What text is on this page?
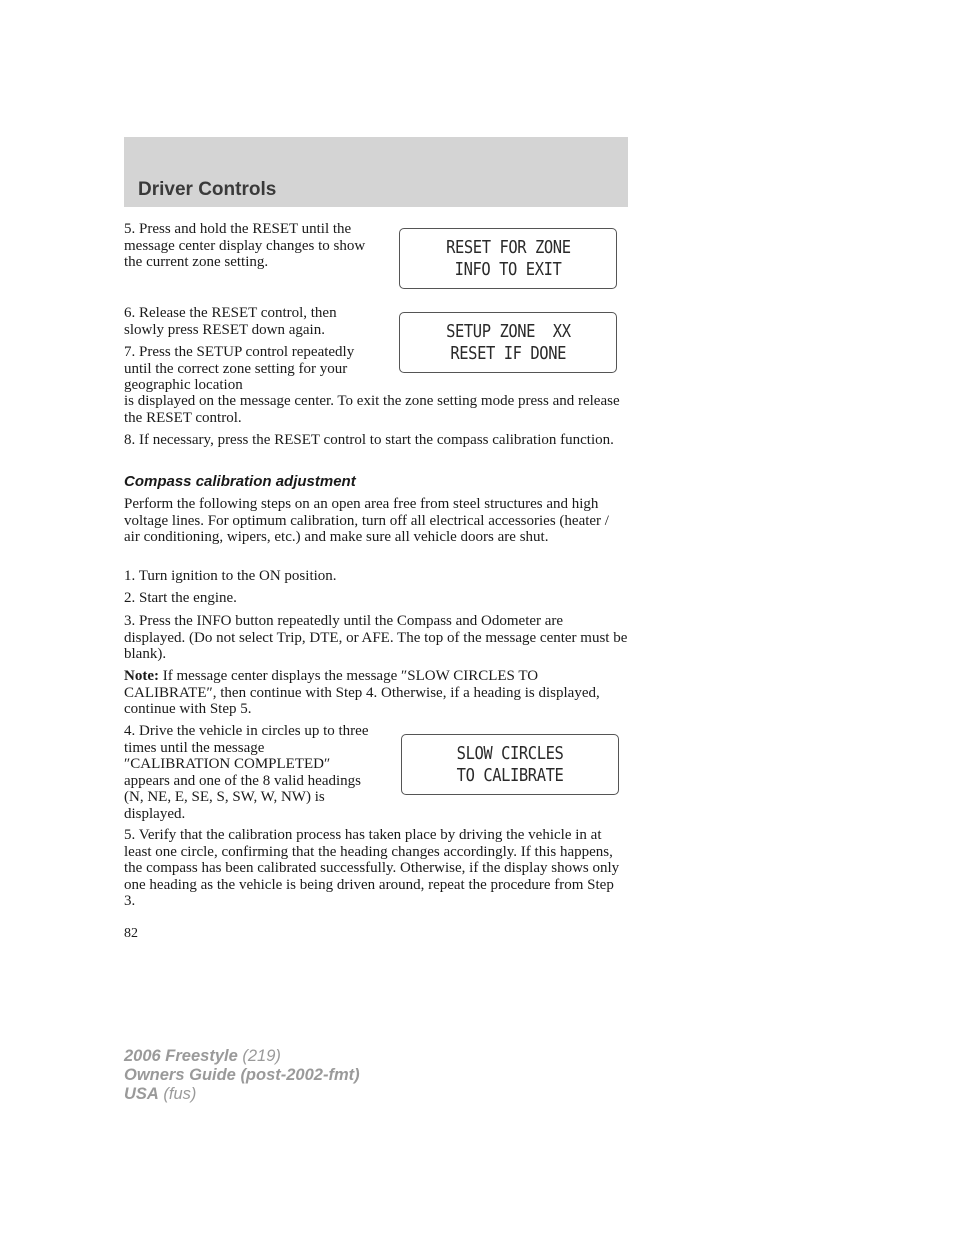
Driver Controls

5. Press and hold the RESET until the message center display changes to show the current zone setting.

RESET FOR ZONE
INFO TO EXIT

6. Release the RESET control, then slowly press RESET down again.	SETUP ZONE  XX
RESET IF DONE

7. Press the SETUP control repeatedly until the correct zone setting for your geographic location

is displayed on the message center. To exit the zone setting mode press and release the RESET control.

8. If necessary, press the RESET control to start the compass calibration function.

Compass calibration adjustment

Perform the following steps on an open area free from steel structures and high voltage lines. For optimum calibration, turn off all electrical accessories (heater / air conditioning, wipers, etc.) and make sure all vehicle doors are shut.

1. Turn ignition to the ON position.

2. Start the engine.

3. Press the INFO button repeatedly until the Compass and Odometer are displayed. (Do not select Trip, DTE, or AFE. The top of the message center must be blank).

Note: If message center displays the message ″SLOW CIRCLES TO CALIBRATE″, then continue with Step 4. Otherwise, if a heading is displayed, continue with Step 5.

4. Drive the vehicle in circles up to three times until the message ″CALIBRATION COMPLETED″ appears and one of the 8 valid headings (N, NE, E, SE, S, SW, W, NW) is displayed.

SLOW CIRCLES
TO CALIBRATE

5. Verify that the calibration process has taken place by driving the vehicle in at least one circle, confirming that the heading changes accordingly. If this happens, the compass has been calibrated successfully. Otherwise, if the display shows only one heading as the vehicle is being driven around, repeat the procedure from Step 3.

82
2006 Freestyle (219)
Owners Guide (post-2002-fmt)
USA (fus)
